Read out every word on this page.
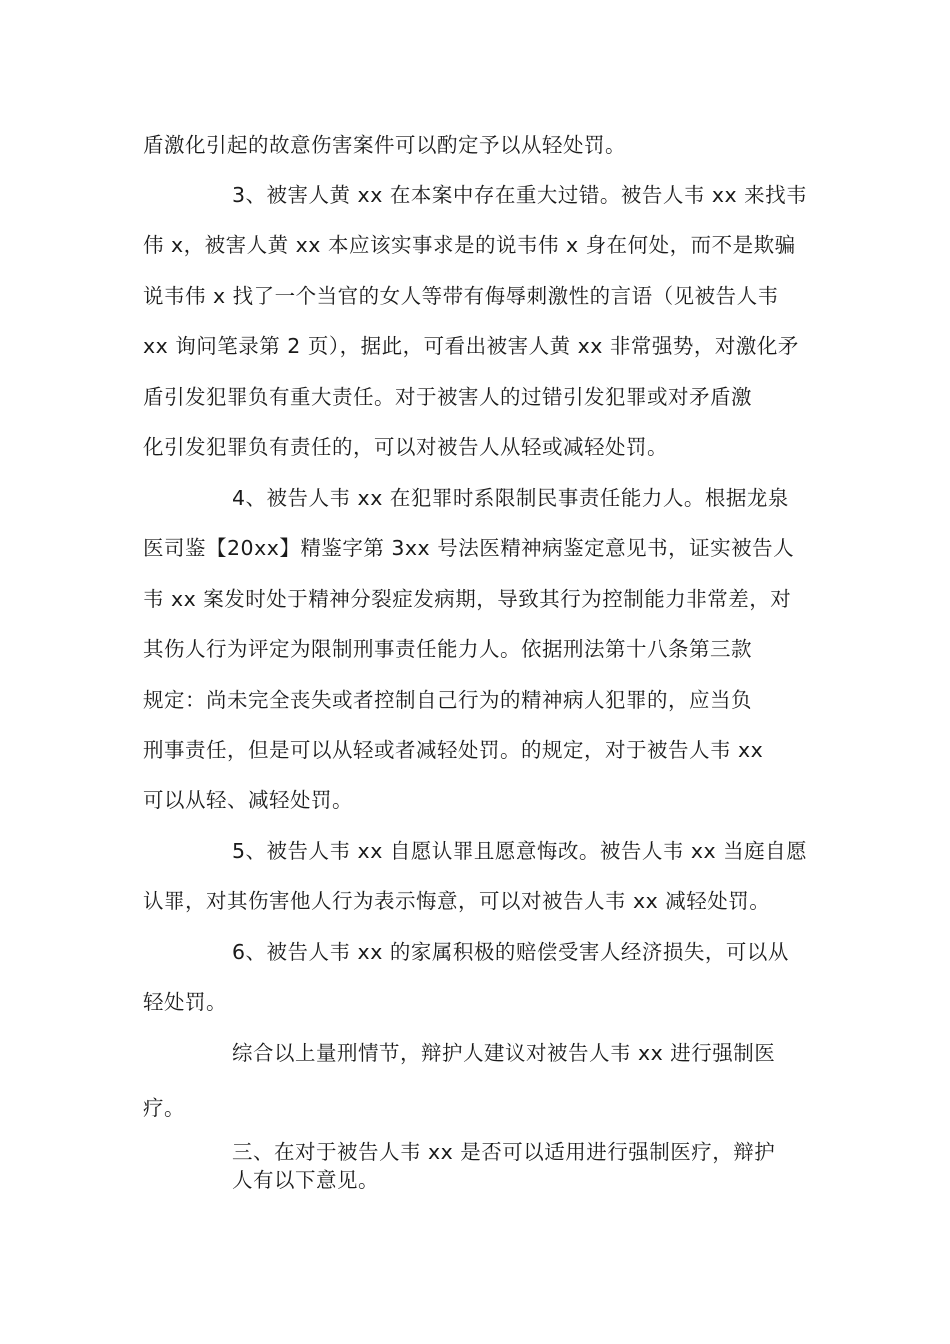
盾激化引起的故意伤害案件可以酌定予以从轻处罚。
3、被害人黄 xx 在本案中存在重大过错。被告人韦 xx 来找韦
伟 x，被害人黄 xx 本应该实事求是的说韦伟 x 身在何处，而不是欺骗
说韦伟 x 找了一个当官的女人等带有侮辱刺激性的言语（见被告人韦
xx 询问笔录第 2 页），据此，可看出被害人黄 xx 非常强势，对激化矛
盾引发犯罪负有重大责任。对于被害人的过错引发犯罪或对矛盾激
化引发犯罪负有责任的，可以对被告人从轻或减轻处罚。
4、被告人韦 xx 在犯罪时系限制民事责任能力人。根据龙泉
医司鉴【20xx】精鉴字第 3xx 号法医精神病鉴定意见书，证实被告人
韦 xx 案发时处于精神分裂症发病期，导致其行为控制能力非常差，对
其伤人行为评定为限制刑事责任能力人。依据刑法第十八条第三款
规定：尚未完全丧失或者控制自己行为的精神病人犯罪的，应当负
刑事责任，但是可以从轻或者减轻处罚。的规定，对于被告人韦 xx
可以从轻、减轻处罚。
5、被告人韦 xx 自愿认罪且愿意悔改。被告人韦 xx 当庭自愿
认罪，对其伤害他人行为表示悔意，可以对被告人韦 xx 减轻处罚。
6、被告人韦 xx 的家属积极的赔偿受害人经济损失，可以从
轻处罚。
综合以上量刑情节，辩护人建议对被告人韦 xx 进行强制医
疗。
三、在对于被告人韦 xx 是否可以适用进行强制医疗，辩护
人有以下意见。
